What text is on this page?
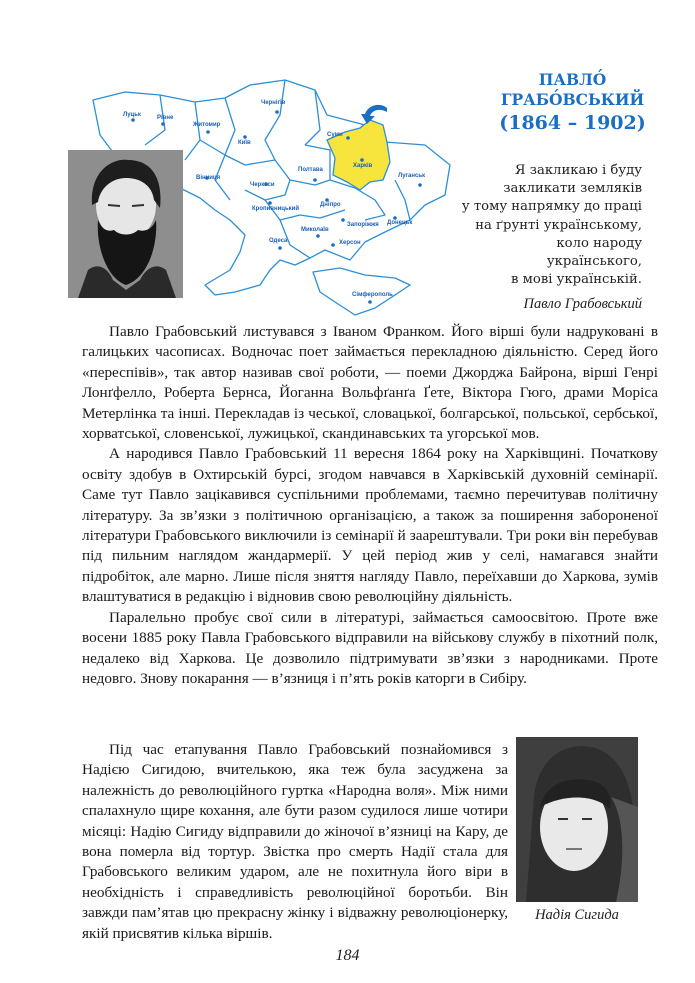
Луцьк	Рівне
Житомир
Київ
Чернігів
Суми
Харків
Полтава
Вінниця
Черкаси
Кропивницький
Дніпро
Луганськ
Донецьк
Запоріжжя
Миколаїв
Одеса	Херсон
Сімферополь
ПАВЛО́
ГРАБО́ВСЬКИЙ
(1864 – 1902)
Я закликаю і буду
закликати земляків
у тому напрямку до праці
на ґрунті українському,
коло народу
українського,
в мові українській.
Павло Грабовський

Павло Грабовський листувався з Іваном Франком. Його вірші були надруковані в галицьких часописах. Водночас поет займається перекладною діяльністю. Серед його «переспівів», так автор називав свої роботи, — поеми Джорджа Байрона, вірші Генрі Лонґфелло, Роберта Бернса, Йоганна Вольфґанґа Ґете, Віктора Гюго, драми Моріса Метерлінка та інші. Перекладав із чеської, словацької, болгарської, польської, сербської, хорватської, словенської, лужицької, скандинавських та угорської мов.

А народився Павло Грабовський 11 вересня 1864 року на Харківщині. Початкову освіту здобув в Охтирській бурсі, згодом навчався в Харківській духовній семінарії. Саме тут Павло зацікавився суспільними проблемами, таємно перечитував політичну літературу. За зв’язки з політичною організацією, а також за поширення забороненої літератури Грабовського виключили із семінарії й заарештували. Три роки він перебував під пильним наглядом жандармерії. У цей період жив у селі, намагався знайти підробіток, але марно. Лише після зняття нагляду Павло, переїхавши до Харкова, зумів влаштуватися в редакцію і відновив свою революційну діяльність.

Паралельно пробує свої сили в літературі, займається самоосвітою. Проте вже восени 1885 року Павла Грабовського відправили на військову службу в піхотний полк, недалеко від Харкова. Це дозволило підтримувати зв’язки з народниками. Проте недовго. Знову покарання — в’язниця і п’ять років каторги в Сибіру.

Під час етапування Павло Грабовський познайомився з Надією Сигидою, вчителькою, яка теж була засуджена за належність до революційного гуртка «Народна воля». Між ними спалахнуло щире кохання, але бути разом судилося лише чотири місяці: Надію Сигиду відправили до жіночої в’язниці на Кару, де вона померла від тортур. Звістка про смерть Надії стала для Грабовського великим ударом, але не похитнула його віри в необхідність і справедливість революційної боротьби. Він завжди пам’ятав цю прекрасну жінку і відважну революціонерку, якій присвятив кілька віршів.

Надія Сигида
184
